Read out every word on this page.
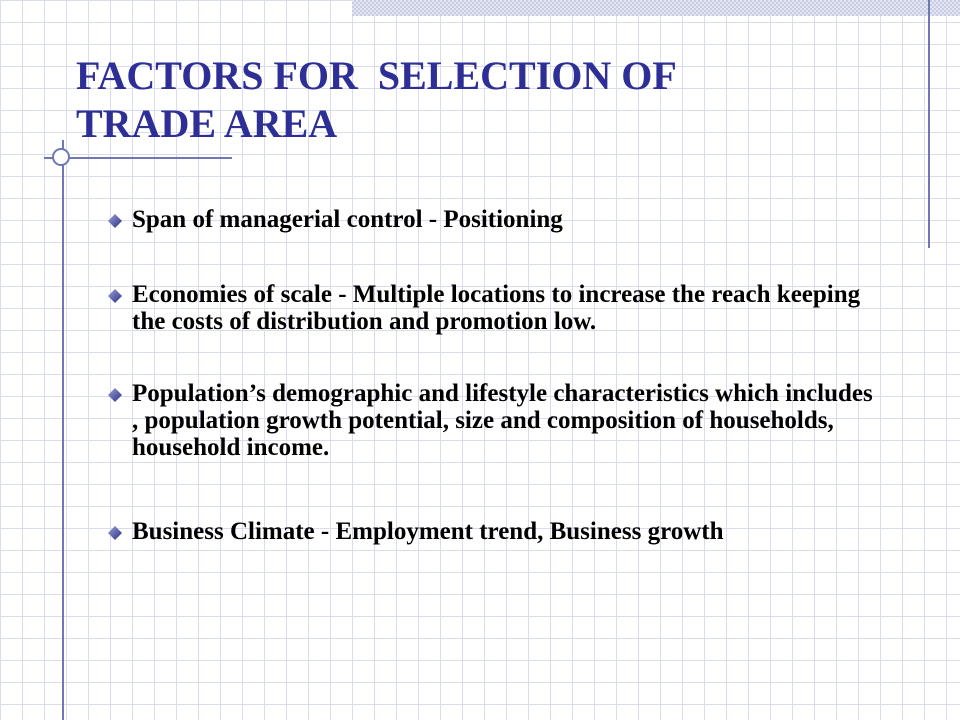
FACTORS FOR  SELECTION OF
TRADE AREA
Span of managerial control - Positioning
Economies of scale - Multiple locations to increase the reach keeping the costs of distribution and promotion low.
Population’s demographic and lifestyle characteristics which includes , population growth potential, size and composition of households, household income.
Business Climate - Employment trend, Business growth
